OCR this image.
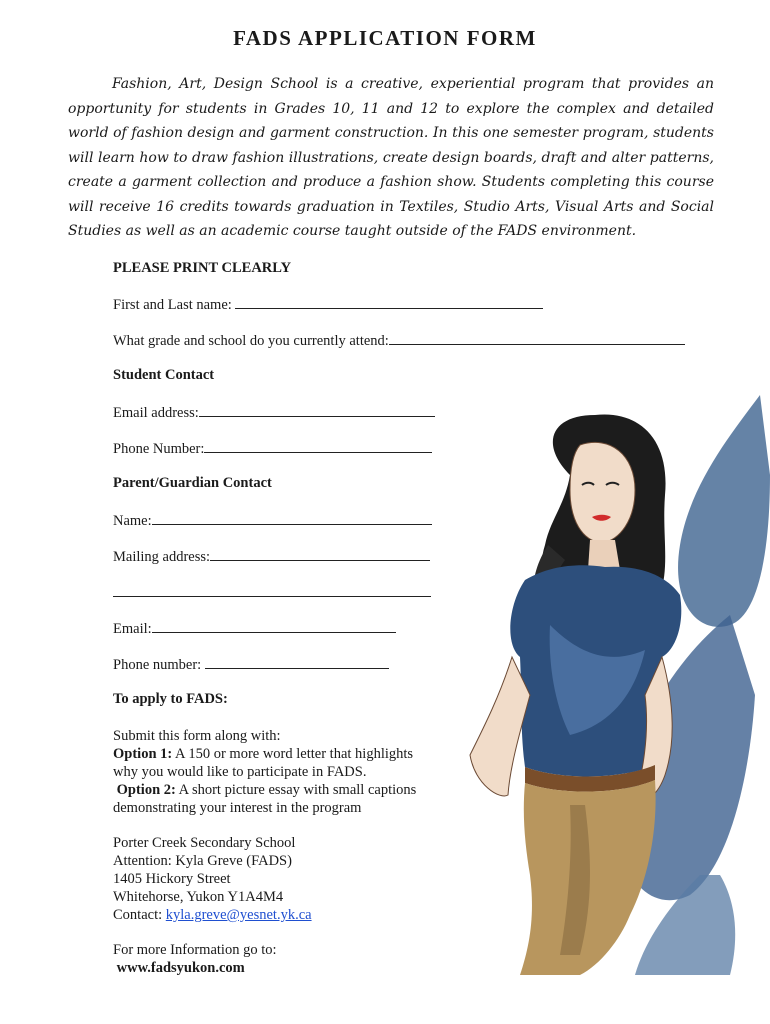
FADS APPLICATION FORM

Fashion, Art, Design School is a creative, experiential program that provides an opportunity for students in Grades 10, 11 and 12 to explore the complex and detailed world of fashion design and garment construction. In this one semester program, students will learn how to draw fashion illustrations, create design boards, draft and alter patterns, create a garment collection and produce a fashion show. Students completing this course will receive 16 credits towards graduation in Textiles, Studio Arts, Visual Arts and Social Studies as well as an academic course taught outside of the FADS environment.

PLEASE PRINT CLEARLY
First and Last name:
What grade and school do you currently attend:
Student Contact
Email address:
Phone Number:
Parent/Guardian Contact
Name:
Mailing address:
Email:
Phone number:
To apply to FADS:
Submit this form along with:
Option 1: A 150 or more word letter that highlights
why you would like to participate in FADS.
Option 2: A short picture essay with small captions
demonstrating your interest in the program
Porter Creek Secondary School
Attention: Kyla Greve (FADS)
1405 Hickory Street
Whitehorse, Yukon Y1A4M4
Contact: kyla.greve@yesnet.yk.ca
For more Information go to:
www.fadsyukon.com
